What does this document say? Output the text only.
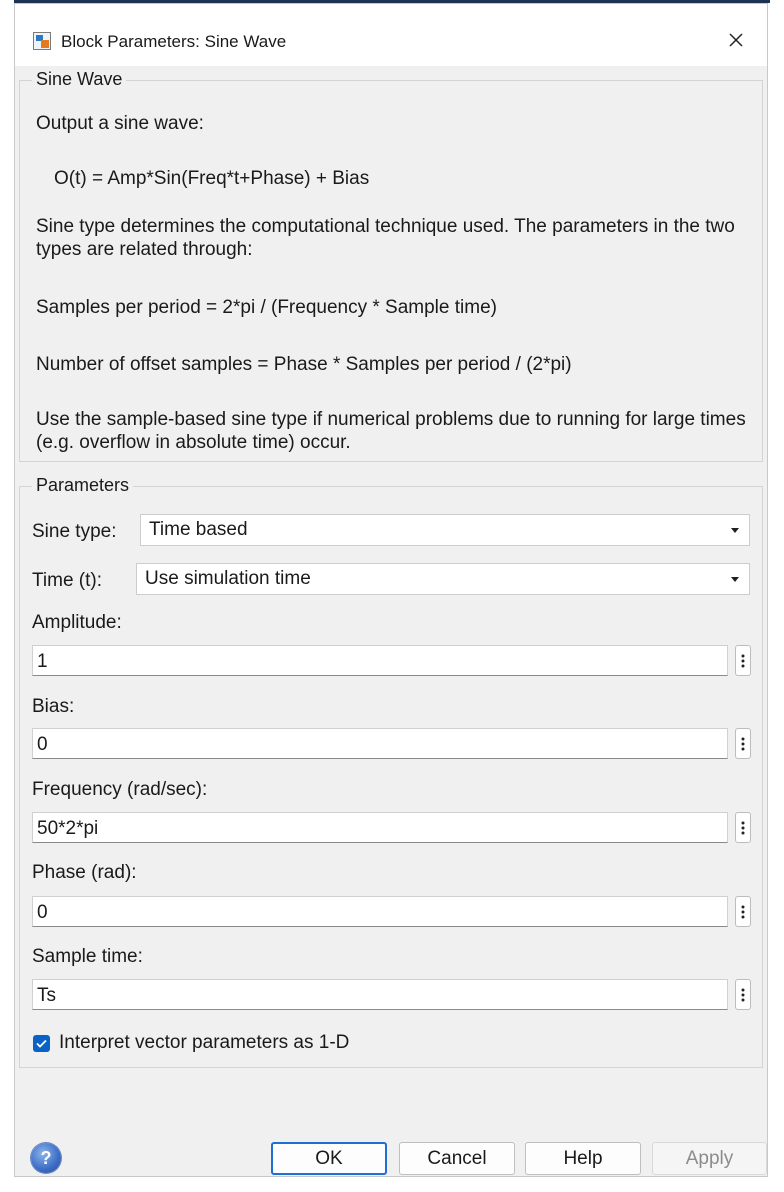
Block Parameters: Sine Wave
Sine Wave
Output a sine wave:
O(t) = Amp*Sin(Freq*t+Phase) + Bias
Sine type determines the computational technique used. The parameters in the two types are related through:
Samples per period = 2*pi / (Frequency * Sample time)
Number of offset samples = Phase * Samples per period / (2*pi)
Use the sample-based sine type if numerical problems due to running for large times (e.g. overflow in absolute time) occur.
Parameters
Sine type: Time based
Time (t): Use simulation time
Amplitude:
1
Bias:
0
Frequency (rad/sec):
50*2*pi
Phase (rad):
0
Sample time:
Ts
Interpret vector parameters as 1-D
?	OK	Cancel	Help	Apply
